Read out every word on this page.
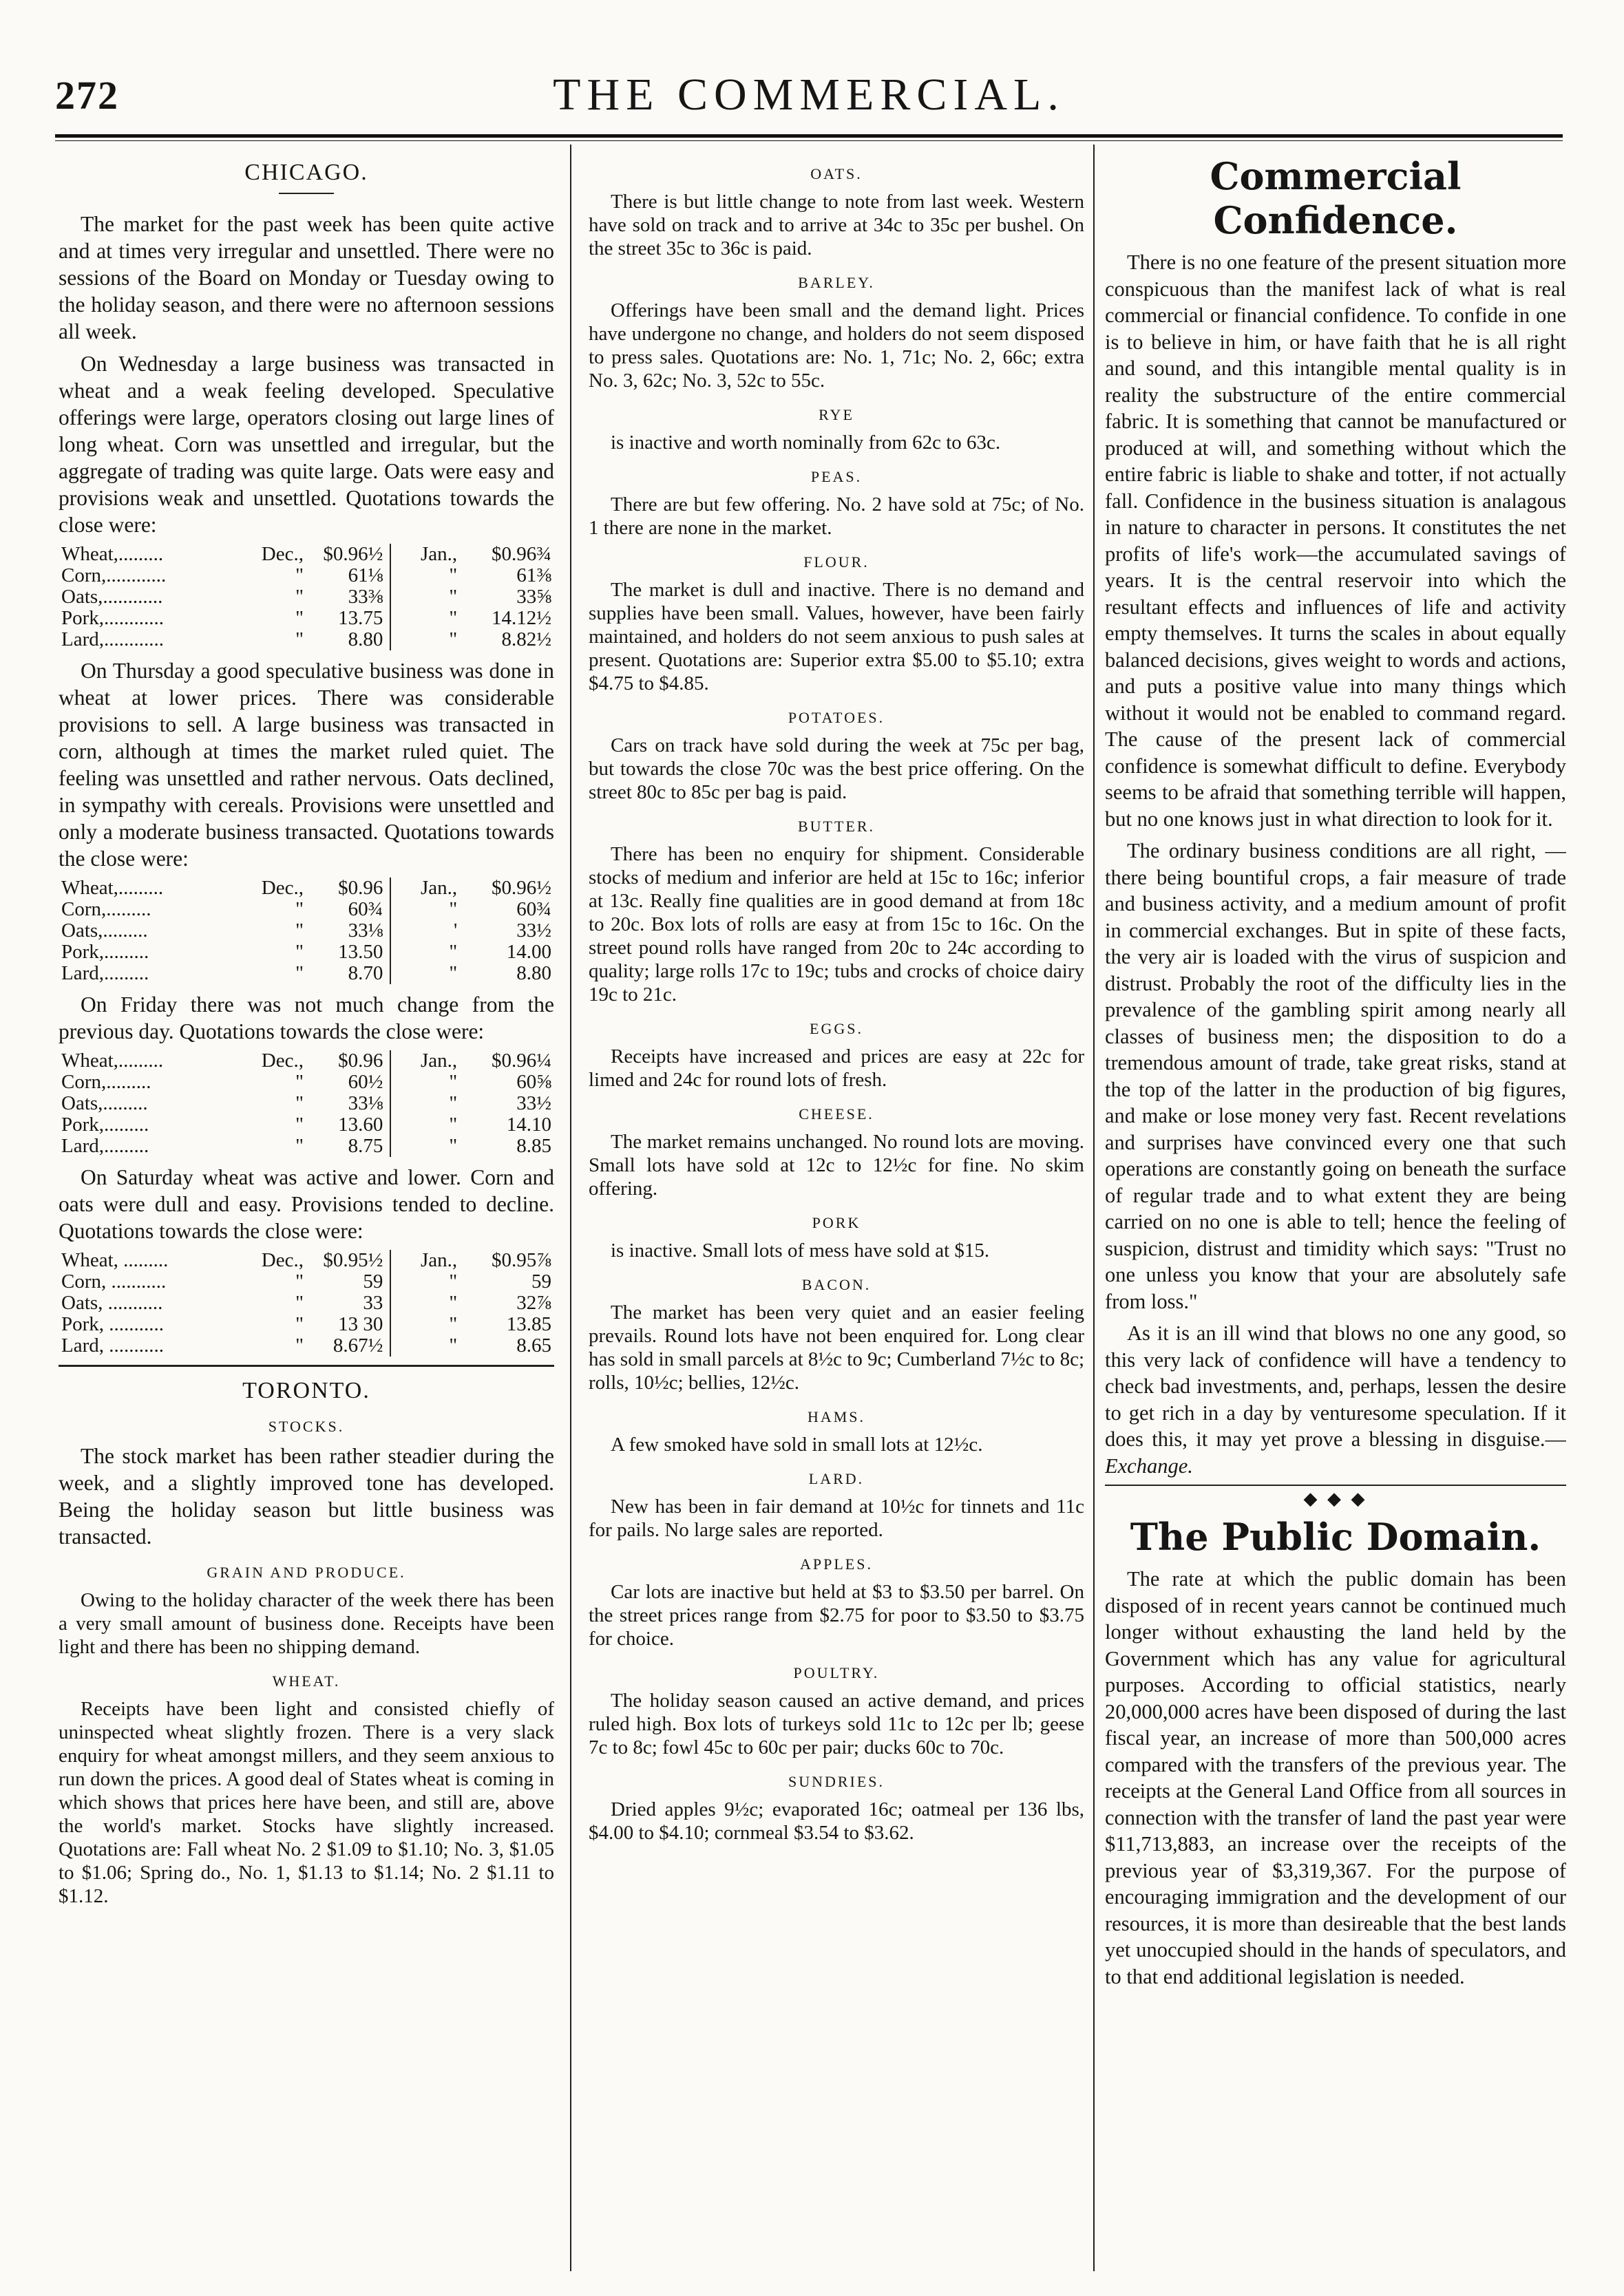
272	THE COMMERCIAL.
CHICAGO.

The market for the past week has been quite active and at times very irregular and unsettled. There were no sessions of the Board on Monday or Tuesday owing to the holiday season, and there were no afternoon sessions all week.

On Wednesday a large business was transacted in wheat and a weak feeling developed. Speculative offerings were large, operators closing out large lines of long wheat. Corn was unsettled and irregular, but the aggregate of trading was quite large. Oats were easy and provisions weak and unsettled. Quotations towards the close were:

Wheat,.........	Dec.,	$0.96½	Jan.,	$0.96¾
Corn,............	"	61⅛	"	61⅜
Oats,............	"	33⅜	"	33⅝
Pork,............	"	13.75	"	14.12½
Lard,............	"	8.80	"	8.82½

On Thursday a good speculative business was done in wheat at lower prices. There was considerable provisions to sell. A large business was transacted in corn, although at times the market ruled quiet. The feeling was unsettled and rather nervous. Oats declined, in sympathy with cereals. Provisions were unsettled and only a moderate business transacted. Quotations towards the close were:

Wheat,.........	Dec.,	$0.96	Jan.,	$0.96½
Corn,.........	"	60¾	"	60¾
Oats,.........	"	33⅛	'	33½
Pork,.........	"	13.50	"	14.00
Lard,.........	"	8.70	"	8.80

On Friday there was not much change from the previous day. Quotations towards the close were:

Wheat,.........	Dec.,	$0.96	Jan.,	$0.96¼
Corn,.........	"	60½	"	60⅝
Oats,.........	"	33⅛	"	33½
Pork,.........	"	13.60	"	14.10
Lard,.........	"	8.75	"	8.85

On Saturday wheat was active and lower. Corn and oats were dull and easy. Provisions tended to decline. Quotations towards the close were:

Wheat, .........	Dec.,	$0.95½	Jan.,	$0.95⅞
Corn, ...........	"	59	"	59
Oats, ...........	"	33	"	32⅞
Pork, ...........	"	13 30	"	13.85
Lard, ...........	"	8.67½	"	8.65
TORONTO.
STOCKS.

The stock market has been rather steadier during the week, and a slightly improved tone has developed. Being the holiday season but little business was transacted.

GRAIN AND PRODUCE.

Owing to the holiday character of the week there has been a very small amount of business done. Receipts have been light and there has been no shipping demand.

WHEAT.

Receipts have been light and consisted chiefly of uninspected wheat slightly frozen. There is a very slack enquiry for wheat amongst millers, and they seem anxious to run down the prices. A good deal of States wheat is coming in which shows that prices here have been, and still are, above the world's market. Stocks have slightly increased. Quotations are: Fall wheat No. 2 $1.09 to $1.10; No. 3, $1.05 to $1.06; Spring do., No. 1, $1.13 to $1.14; No. 2 $1.11 to $1.12.

OATS.

There is but little change to note from last week. Western have sold on track and to arrive at 34c to 35c per bushel. On the street 35c to 36c is paid.

BARLEY.

Offerings have been small and the demand light. Prices have undergone no change, and holders do not seem disposed to press sales. Quotations are: No. 1, 71c; No. 2, 66c; extra No. 3, 62c; No. 3, 52c to 55c.

RYE

is inactive and worth nominally from 62c to 63c.

PEAS.

There are but few offering. No. 2 have sold at 75c; of No. 1 there are none in the market.

FLOUR.

The market is dull and inactive. There is no demand and supplies have been small. Values, however, have been fairly maintained, and holders do not seem anxious to push sales at present. Quotations are: Superior extra $5.00 to $5.10; extra $4.75 to $4.85.

POTATOES.

Cars on track have sold during the week at 75c per bag, but towards the close 70c was the best price offering. On the street 80c to 85c per bag is paid.

BUTTER.

There has been no enquiry for shipment. Considerable stocks of medium and inferior are held at 15c to 16c; inferior at 13c. Really fine qualities are in good demand at from 18c to 20c. Box lots of rolls are easy at from 15c to 16c. On the street pound rolls have ranged from 20c to 24c according to quality; large rolls 17c to 19c; tubs and crocks of choice dairy 19c to 21c.

EGGS.

Receipts have increased and prices are easy at 22c for limed and 24c for round lots of fresh.

CHEESE.

The market remains unchanged. No round lots are moving. Small lots have sold at 12c to 12½c for fine. No skim offering.

PORK

is inactive. Small lots of mess have sold at $15.

BACON.

The market has been very quiet and an easier feeling prevails. Round lots have not been enquired for. Long clear has sold in small parcels at 8½c to 9c; Cumberland 7½c to 8c; rolls, 10½c; bellies, 12½c.

HAMS.

A few smoked have sold in small lots at 12½c.

LARD.

New has been in fair demand at 10½c for tinnets and 11c for pails. No large sales are reported.

APPLES.

Car lots are inactive but held at $3 to $3.50 per barrel. On the street prices range from $2.75 for poor to $3.50 to $3.75 for choice.

POULTRY.

The holiday season caused an active demand, and prices ruled high. Box lots of turkeys sold 11c to 12c per lb; geese 7c to 8c; fowl 45c to 60c per pair; ducks 60c to 70c.

SUNDRIES.

Dried apples 9½c; evaporated 16c; oatmeal per 136 lbs, $4.00 to $4.10; cornmeal $3.54 to $3.62.

Commercial Confidence.

There is no one feature of the present situation more conspicuous than the manifest lack of what is real commercial or financial confidence. To confide in one is to believe in him, or have faith that he is all right and sound, and this intangible mental quality is in reality the substructure of the entire commercial fabric. It is something that cannot be manufactured or produced at will, and something without which the entire fabric is liable to shake and totter, if not actually fall. Confidence in the business situation is analagous in nature to character in persons. It constitutes the net profits of life's work—the accumulated savings of years. It is the central reservoir into which the resultant effects and influences of life and activity empty themselves. It turns the scales in about equally balanced decisions, gives weight to words and actions, and puts a positive value into many things which without it would not be enabled to command regard. The cause of the present lack of commercial confidence is somewhat difficult to define. Everybody seems to be afraid that something terrible will happen, but no one knows just in what direction to look for it.

The ordinary business conditions are all right, —there being bountiful crops, a fair measure of trade and business activity, and a medium amount of profit in commercial exchanges. But in spite of these facts, the very air is loaded with the virus of suspicion and distrust. Probably the root of the difficulty lies in the prevalence of the gambling spirit among nearly all classes of business men; the disposition to do a tremendous amount of trade, take great risks, stand at the top of the latter in the production of big figures, and make or lose money very fast. Recent revelations and surprises have convinced every one that such operations are constantly going on beneath the surface of regular trade and to what extent they are being carried on no one is able to tell; hence the feeling of suspicion, distrust and timidity which says: "Trust no one unless you know that your are absolutely safe from loss."

As it is an ill wind that blows no one any good, so this very lack of confidence will have a tendency to check bad investments, and, perhaps, lessen the desire to get rich in a day by venturesome speculation. If it does this, it may yet prove a blessing in disguise.— Exchange.

◆ ◆ ◆
The Public Domain.

The rate at which the public domain has been disposed of in recent years cannot be continued much longer without exhausting the land held by the Government which has any value for agricultural purposes. According to official statistics, nearly 20,000,000 acres have been disposed of during the last fiscal year, an increase of more than 500,000 acres compared with the transfers of the previous year. The receipts at the General Land Office from all sources in connection with the transfer of land the past year were $11,713,883, an increase over the receipts of the previous year of $3,319,367. For the purpose of encouraging immigration and the development of our resources, it is more than desireable that the best lands yet unoccupied should in the hands of speculators, and to that end additional legislation is needed.
